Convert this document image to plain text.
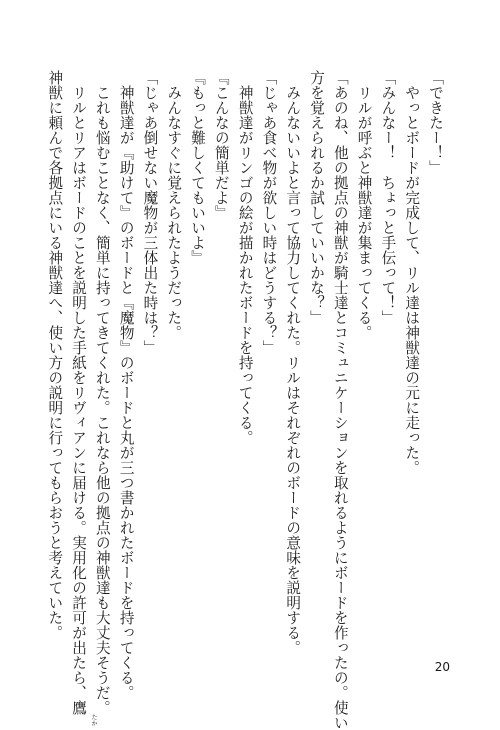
「できたー！」
やっとボードが完成して、リル達は神獣達の元に走った。
「みんなー！　ちょっと手伝って！」
リルが呼ぶと神獣達が集まってくる。
「あのね、他の拠点の神獣が騎士達とコミュニケーションを取れるようにボードを作ったの。使い
方を覚えられるか試していいかな？」
みんないいよと言って協力してくれた。リルはそれぞれのボードの意味を説明する。
「じゃあ食べ物が欲しい時はどうする？」
神獣達がリンゴの絵が描かれたボードを持ってくる。
『こんなの簡単だよ』
『もっと難しくてもいいよ』
みんなすぐに覚えられたようだった。
「じゃあ倒せない魔物が三体出た時は？」
神獣達が『助けて』のボードと『魔物』のボードと丸が三つ書かれたボードを持ってくる。
これも悩むことなく、簡単に持ってきてくれた。これなら他の拠点の神獣達も大丈夫そうだ。
リルとリアはボードのことを説明した手紙をリヴィアンに届ける。実用化の許可が出たら、鷹
たか
神獣に頼んで各拠点にいる神獣達へ、使い方の説明に行ってもらおうと考えていた。
20
